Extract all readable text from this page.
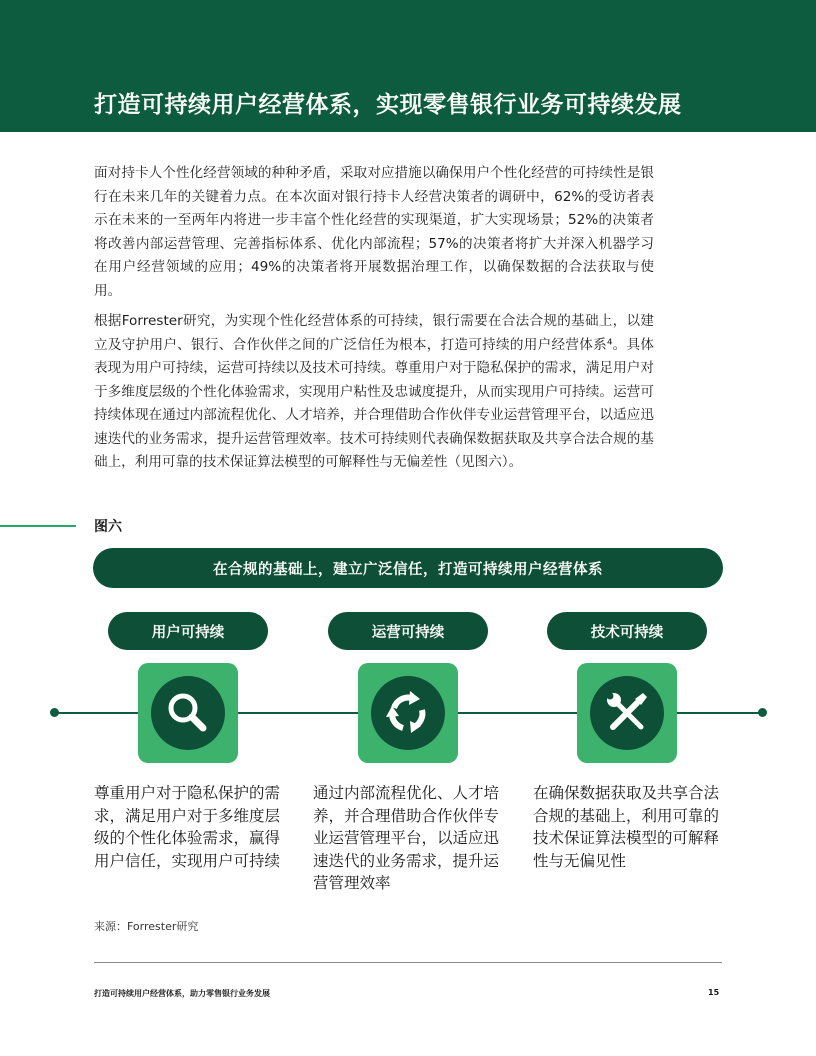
打造可持续用户经营体系，实现零售银行业务可持续发展

面对持卡人个性化经营领域的种种矛盾，采取对应措施以确保用户个性化经营的可持续性是银行在未来几年的关键着力点。在本次面对银行持卡人经营决策者的调研中，62%的受访者表示在未来的一至两年内将进一步丰富个性化经营的实现渠道，扩大实现场景；52%的决策者将改善内部运营管理、完善指标体系、优化内部流程；57%的决策者将扩大并深入机器学习在用户经营领域的应用；49%的决策者将开展数据治理工作，以确保数据的合法获取与使用。

根据Forrester研究，为实现个性化经营体系的可持续，银行需要在合法合规的基础上，以建立及守护用户、银行、合作伙伴之间的广泛信任为根本，打造可持续的用户经营体系⁴。具体表现为用户可持续，运营可持续以及技术可持续。尊重用户对于隐私保护的需求，满足用户对于多维度层级的个性化体验需求，实现用户粘性及忠诚度提升，从而实现用户可持续。运营可持续体现在通过内部流程优化、人才培养，并合理借助合作伙伴专业运营管理平台，以适应迅速迭代的业务需求，提升运营管理效率。技术可持续则代表确保数据获取及共享合法合规的基础上，利用可靠的技术保证算法模型的可解释性与无偏差性（见图六）。

图六
在合规的基础上，建立广泛信任，打造可持续用户经营体系
用户可持续	运营可持续	技术可持续

尊重用户对于隐私保护的需求，满足用户对于多维度层级的个性化体验需求，赢得用户信任，实现用户可持续

通过内部流程优化、人才培养，并合理借助合作伙伴专业运营管理平台，以适应迅速迭代的业务需求，提升运营管理效率

在确保数据获取及共享合法合规的基础上，利用可靠的技术保证算法模型的可解释性与无偏见性

来源：Forrester研究
打造可持续用户经营体系，助力零售银行业务发展	15
